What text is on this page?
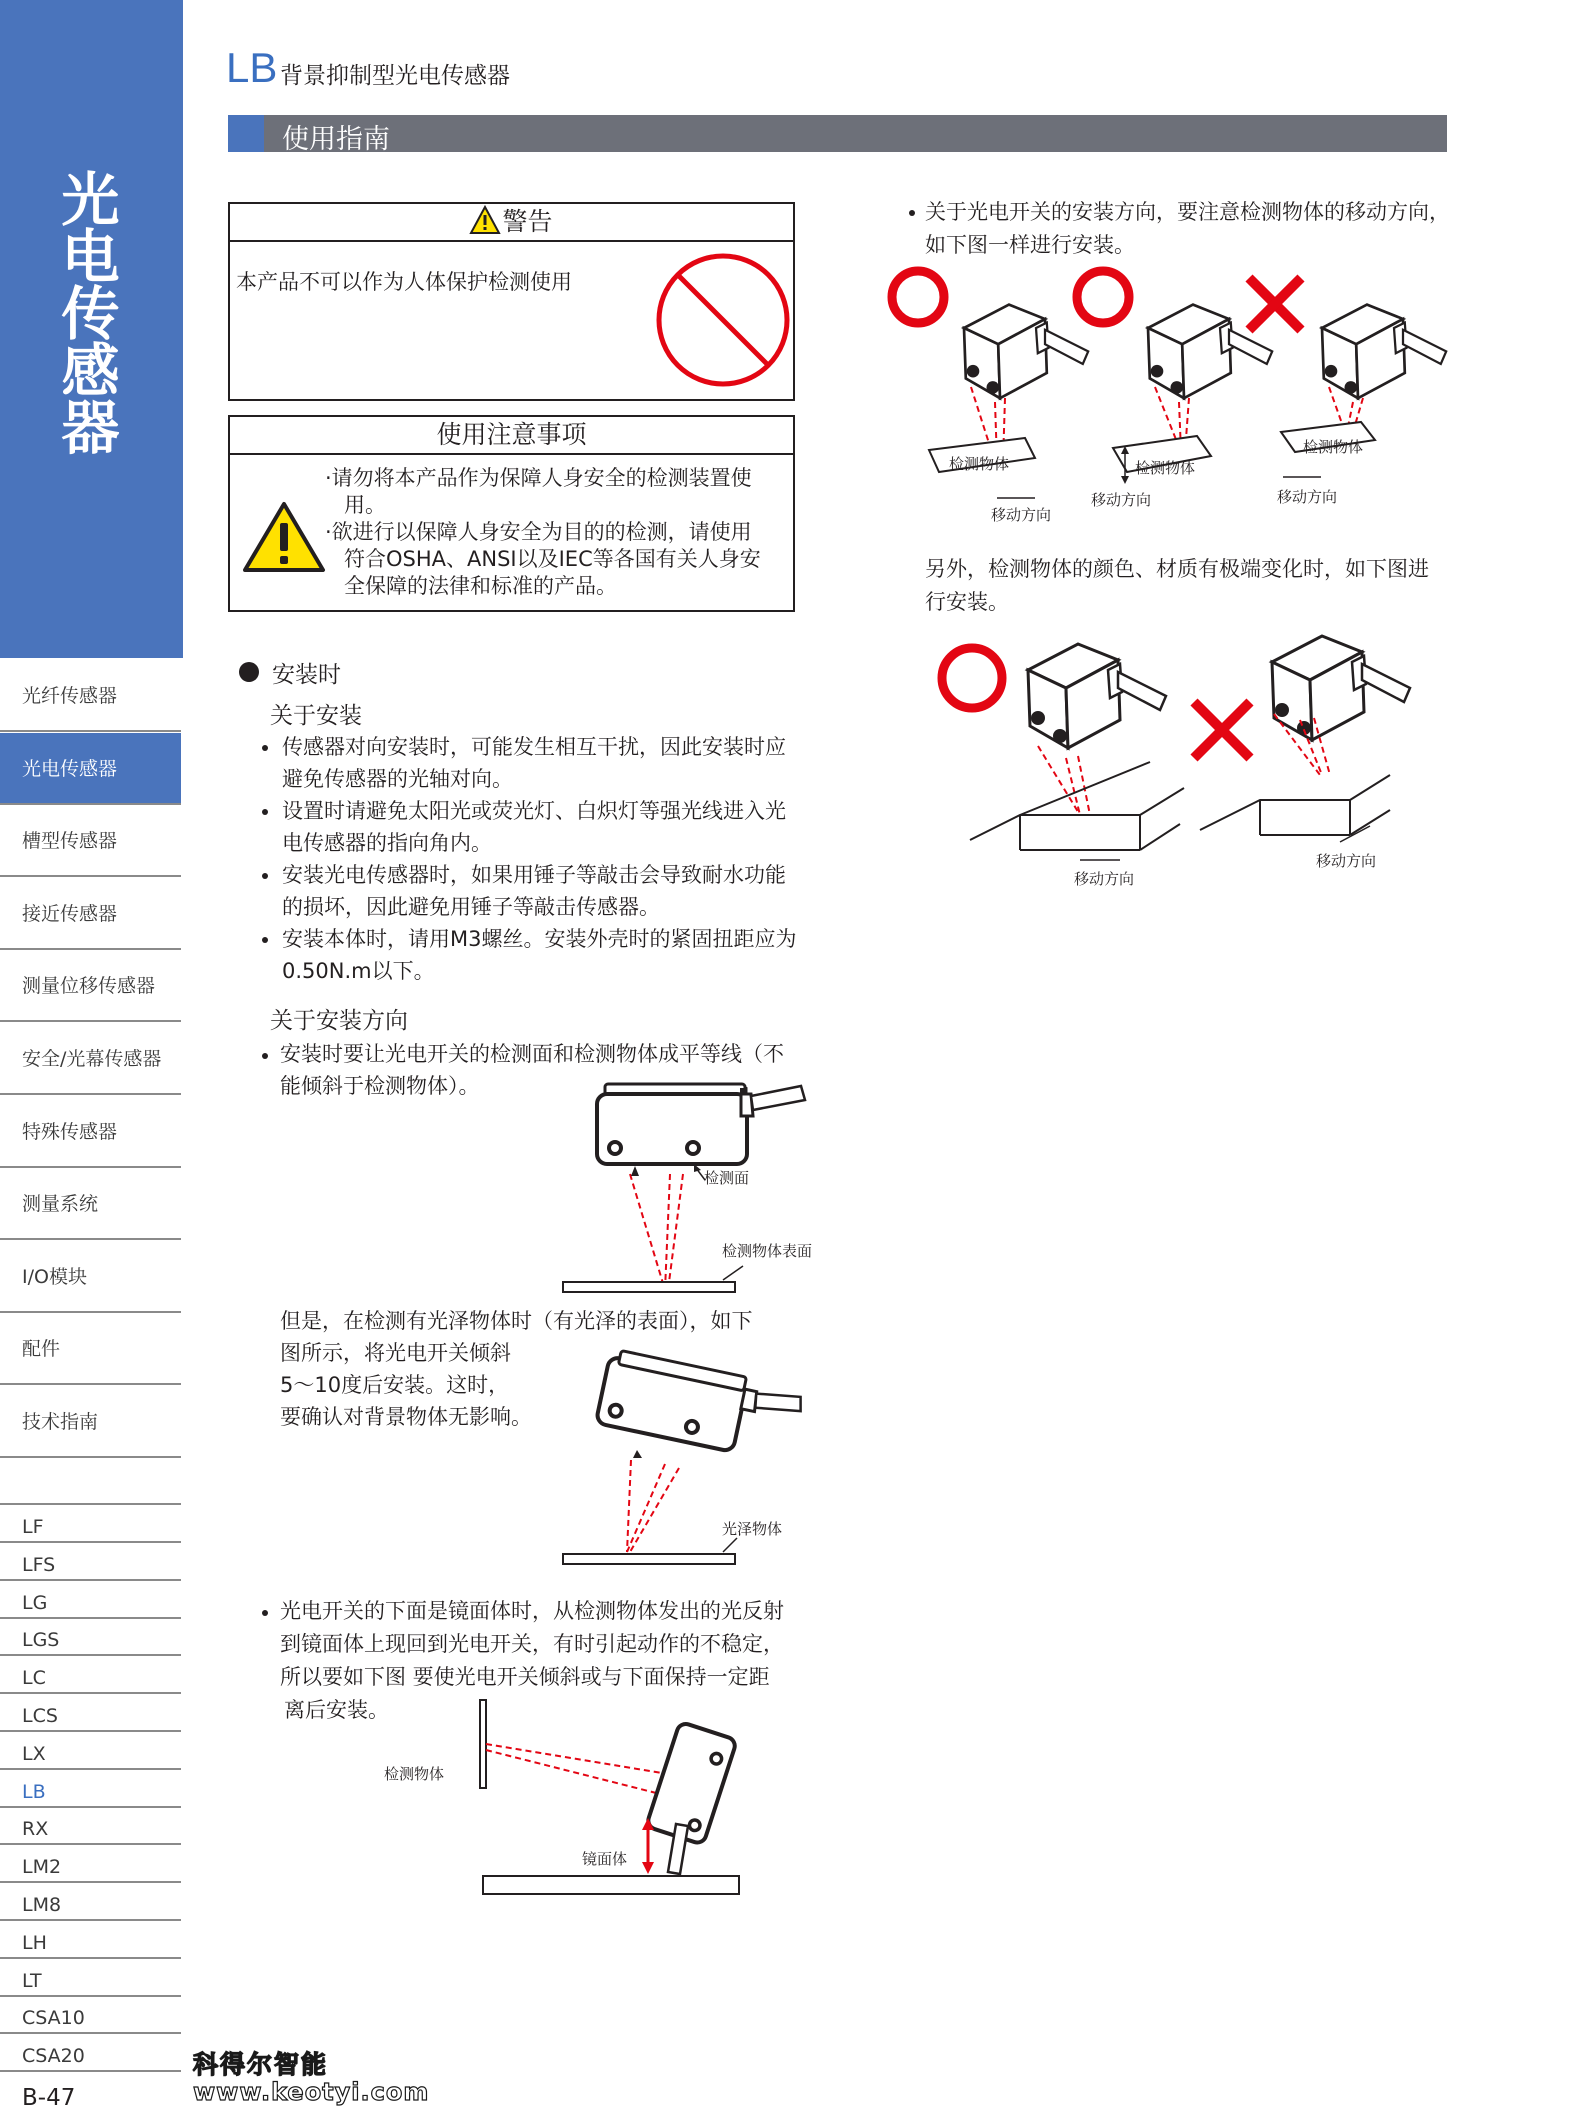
光
电
传
感
器
光纤传感器
光电传感器
槽型传感器
接近传感器
测量位移传感器
安全/光幕传感器
特殊传感器
测量系统
I/O模块
配件
技术指南
LF
LFS
LG
LGS
LC
LCS
LX
LB
RX
LM2
LM8
LH
LT
CSA10
CSA20
LB 背景抑制型光电传感器
使用指南
警告
本产品不可以作为人体保护检测使用
使用注意事项
·请勿将本产品作为保障人身安全的检测装置使
用。
·欲进行以保障人身安全为目的的检测，请使用
符合OSHA、ANSI以及IEC等各国有关人身安
全保障的法律和标准的产品。
安装时
关于安装
传感器对向安装时，可能发生相互干扰，因此安装时应
避免传感器的光轴对向。
设置时请避免太阳光或荧光灯、白炽灯等强光线进入光
电传感器的指向角内。
安装光电传感器时，如果用锤子等敲击会导致耐水功能
的损坏，因此避免用锤子等敲击传感器。
安装本体时，请用M3螺丝。安装外壳时的紧固扭距应为
0.50N.m以下。
关于安装方向
安装时要让光电开关的检测面和检测物体成平等线（不
能倾斜于检测物体）。
检测面
检测物体表面
但是，在检测有光泽物体时（有光泽的表面），如下
图所示，将光电开关倾斜
5～10度后安装。这时，
要确认对背景物体无影响。
光泽物体
光电开关的下面是镜面体时，从检测物体发出的光反射
到镜面体上现回到光电开关，有时引起动作的不稳定，
所以要如下图 要使光电开关倾斜或与下面保持一定距
离后安装。
检测物体
镜面体
关于光电开关的安装方向，要注意检测物体的移动方向，
如下图一样进行安装。
检测物体
移动方向
检测物体
移动方向
检测物体
移动方向
另外，检测物体的颜色、材质有极端变化时，如下图进
行安装。
移动方向
移动方向
B-47
科得尔智能
www.keotyi.com
